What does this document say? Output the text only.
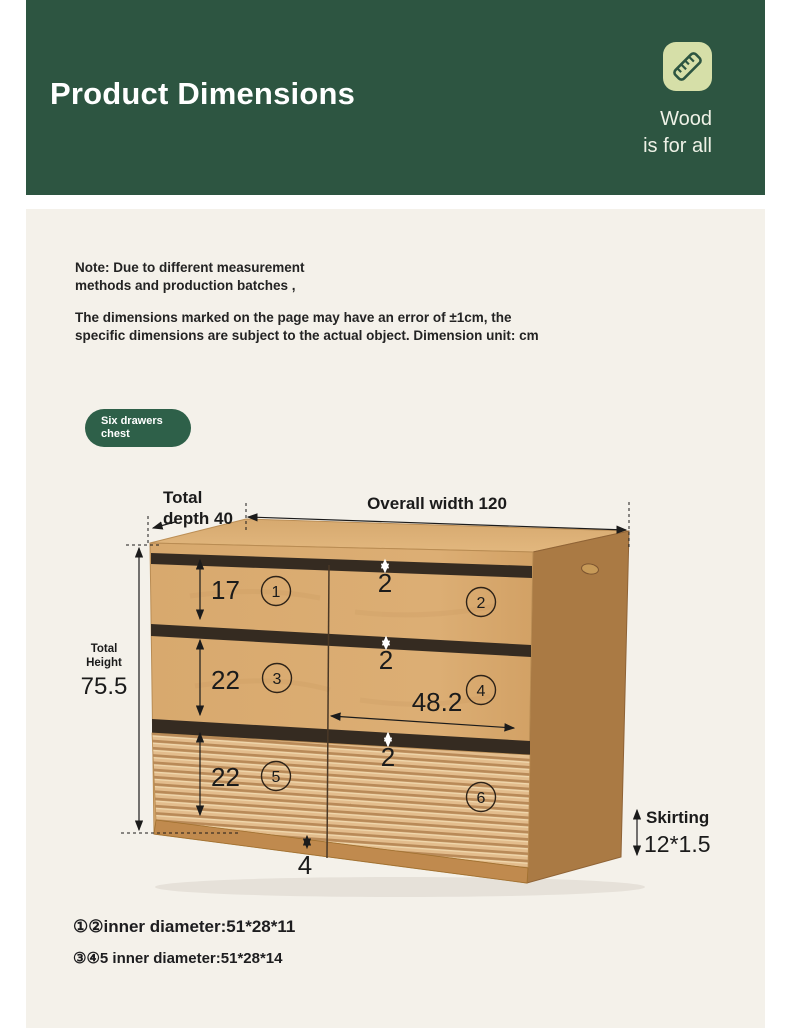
Product Dimensions
Wood
is for all
Note: Due to different measurement
methods and production batches ,
The dimensions marked on the page may have an error of ±1cm, the
specific dimensions are subject to the actual object. Dimension unit: cm
Six drawers
chest
①②inner diameter:51*28*11
③④5 inner diameter:51*28*14
Overall width 120
Total
depth 40
Total
Height
75.5
17
22
22
2
2
2
48.2
4
Skirting
12*1.5
1
2
3
4
5
6
